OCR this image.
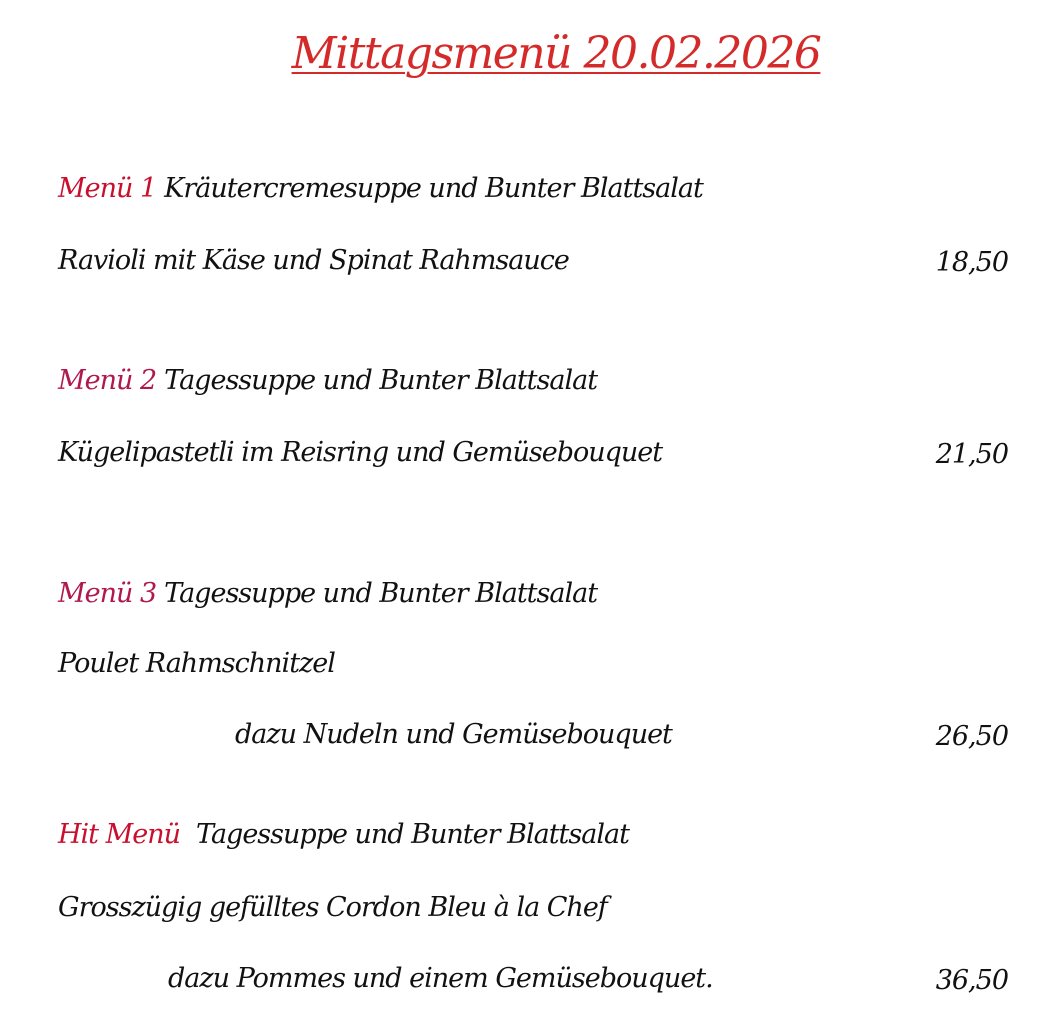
Mittagsmenü 20.02.2026
Menü 1 Kräutercremesuppe und Bunter Blattsalat
Ravioli mit Käse und Spinat Rahmsauce	18,50
Menü 2 Tagessuppe und Bunter Blattsalat
Kügelipastetli im Reisring und Gemüsebouquet	21,50
Menü 3 Tagessuppe und Bunter Blattsalat
Poulet Rahmschnitzel
dazu Nudeln und Gemüsebouquet	26,50
Hit Menü Tagessuppe und Bunter Blattsalat
Grosszügig gefülltes Cordon Bleu à la Chef
dazu Pommes und einem Gemüsebouquet.	36,50
